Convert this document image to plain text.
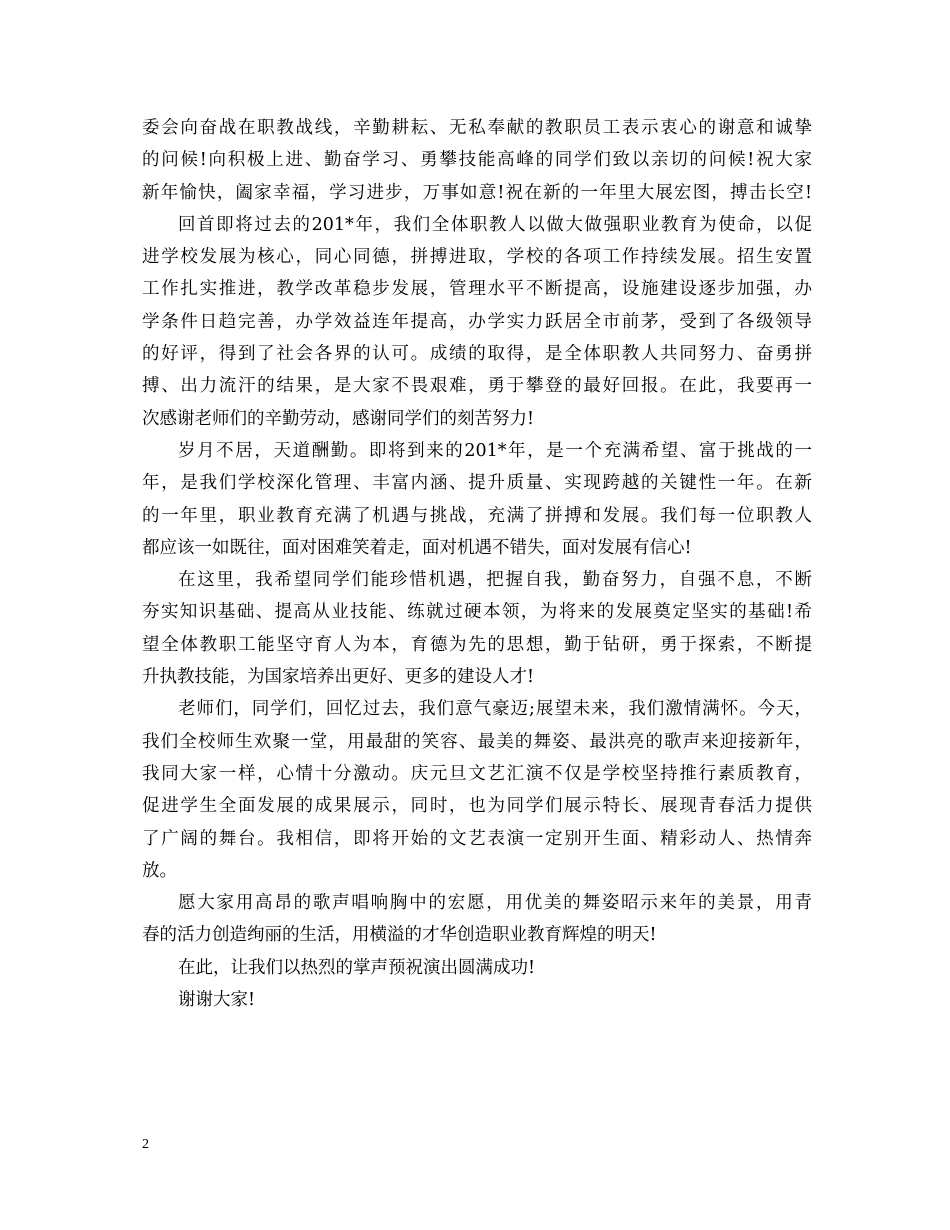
委会向奋战在职教战线，辛勤耕耘、无私奉献的教职员工表示衷心的谢意和诚挚
的问候!向积极上进、勤奋学习、勇攀技能高峰的同学们致以亲切的问候!祝大家
新年愉快，阖家幸福，学习进步，万事如意!祝在新的一年里大展宏图，搏击长空!
回首即将过去的201*年，我们全体职教人以做大做强职业教育为使命，以促
进学校发展为核心，同心同德，拼搏进取，学校的各项工作持续发展。招生安置
工作扎实推进，教学改革稳步发展，管理水平不断提高，设施建设逐步加强，办
学条件日趋完善，办学效益连年提高，办学实力跃居全市前茅，受到了各级领导
的好评，得到了社会各界的认可。成绩的取得，是全体职教人共同努力、奋勇拼
搏、出力流汗的结果，是大家不畏艰难，勇于攀登的最好回报。在此，我要再一
次感谢老师们的辛勤劳动，感谢同学们的刻苦努力!
岁月不居，天道酬勤。即将到来的201*年，是一个充满希望、富于挑战的一
年，是我们学校深化管理、丰富内涵、提升质量、实现跨越的关键性一年。在新
的一年里，职业教育充满了机遇与挑战，充满了拼搏和发展。我们每一位职教人
都应该一如既往，面对困难笑着走，面对机遇不错失，面对发展有信心!
在这里，我希望同学们能珍惜机遇，把握自我，勤奋努力，自强不息，不断
夯实知识基础、提高从业技能、练就过硬本领，为将来的发展奠定坚实的基础!希
望全体教职工能坚守育人为本，育德为先的思想，勤于钻研，勇于探索，不断提
升执教技能，为国家培养出更好、更多的建设人才!
老师们，同学们，回忆过去，我们意气豪迈;展望未来，我们激情满怀。今天，
我们全校师生欢聚一堂，用最甜的笑容、最美的舞姿、最洪亮的歌声来迎接新年，
我同大家一样，心情十分激动。庆元旦文艺汇演不仅是学校坚持推行素质教育，
促进学生全面发展的成果展示，同时，也为同学们展示特长、展现青春活力提供
了广阔的舞台。我相信，即将开始的文艺表演一定别开生面、精彩动人、热情奔
放。
愿大家用高昂的歌声唱响胸中的宏愿，用优美的舞姿昭示来年的美景，用青
春的活力创造绚丽的生活，用横溢的才华创造职业教育辉煌的明天!
在此，让我们以热烈的掌声预祝演出圆满成功!
谢谢大家!
2
